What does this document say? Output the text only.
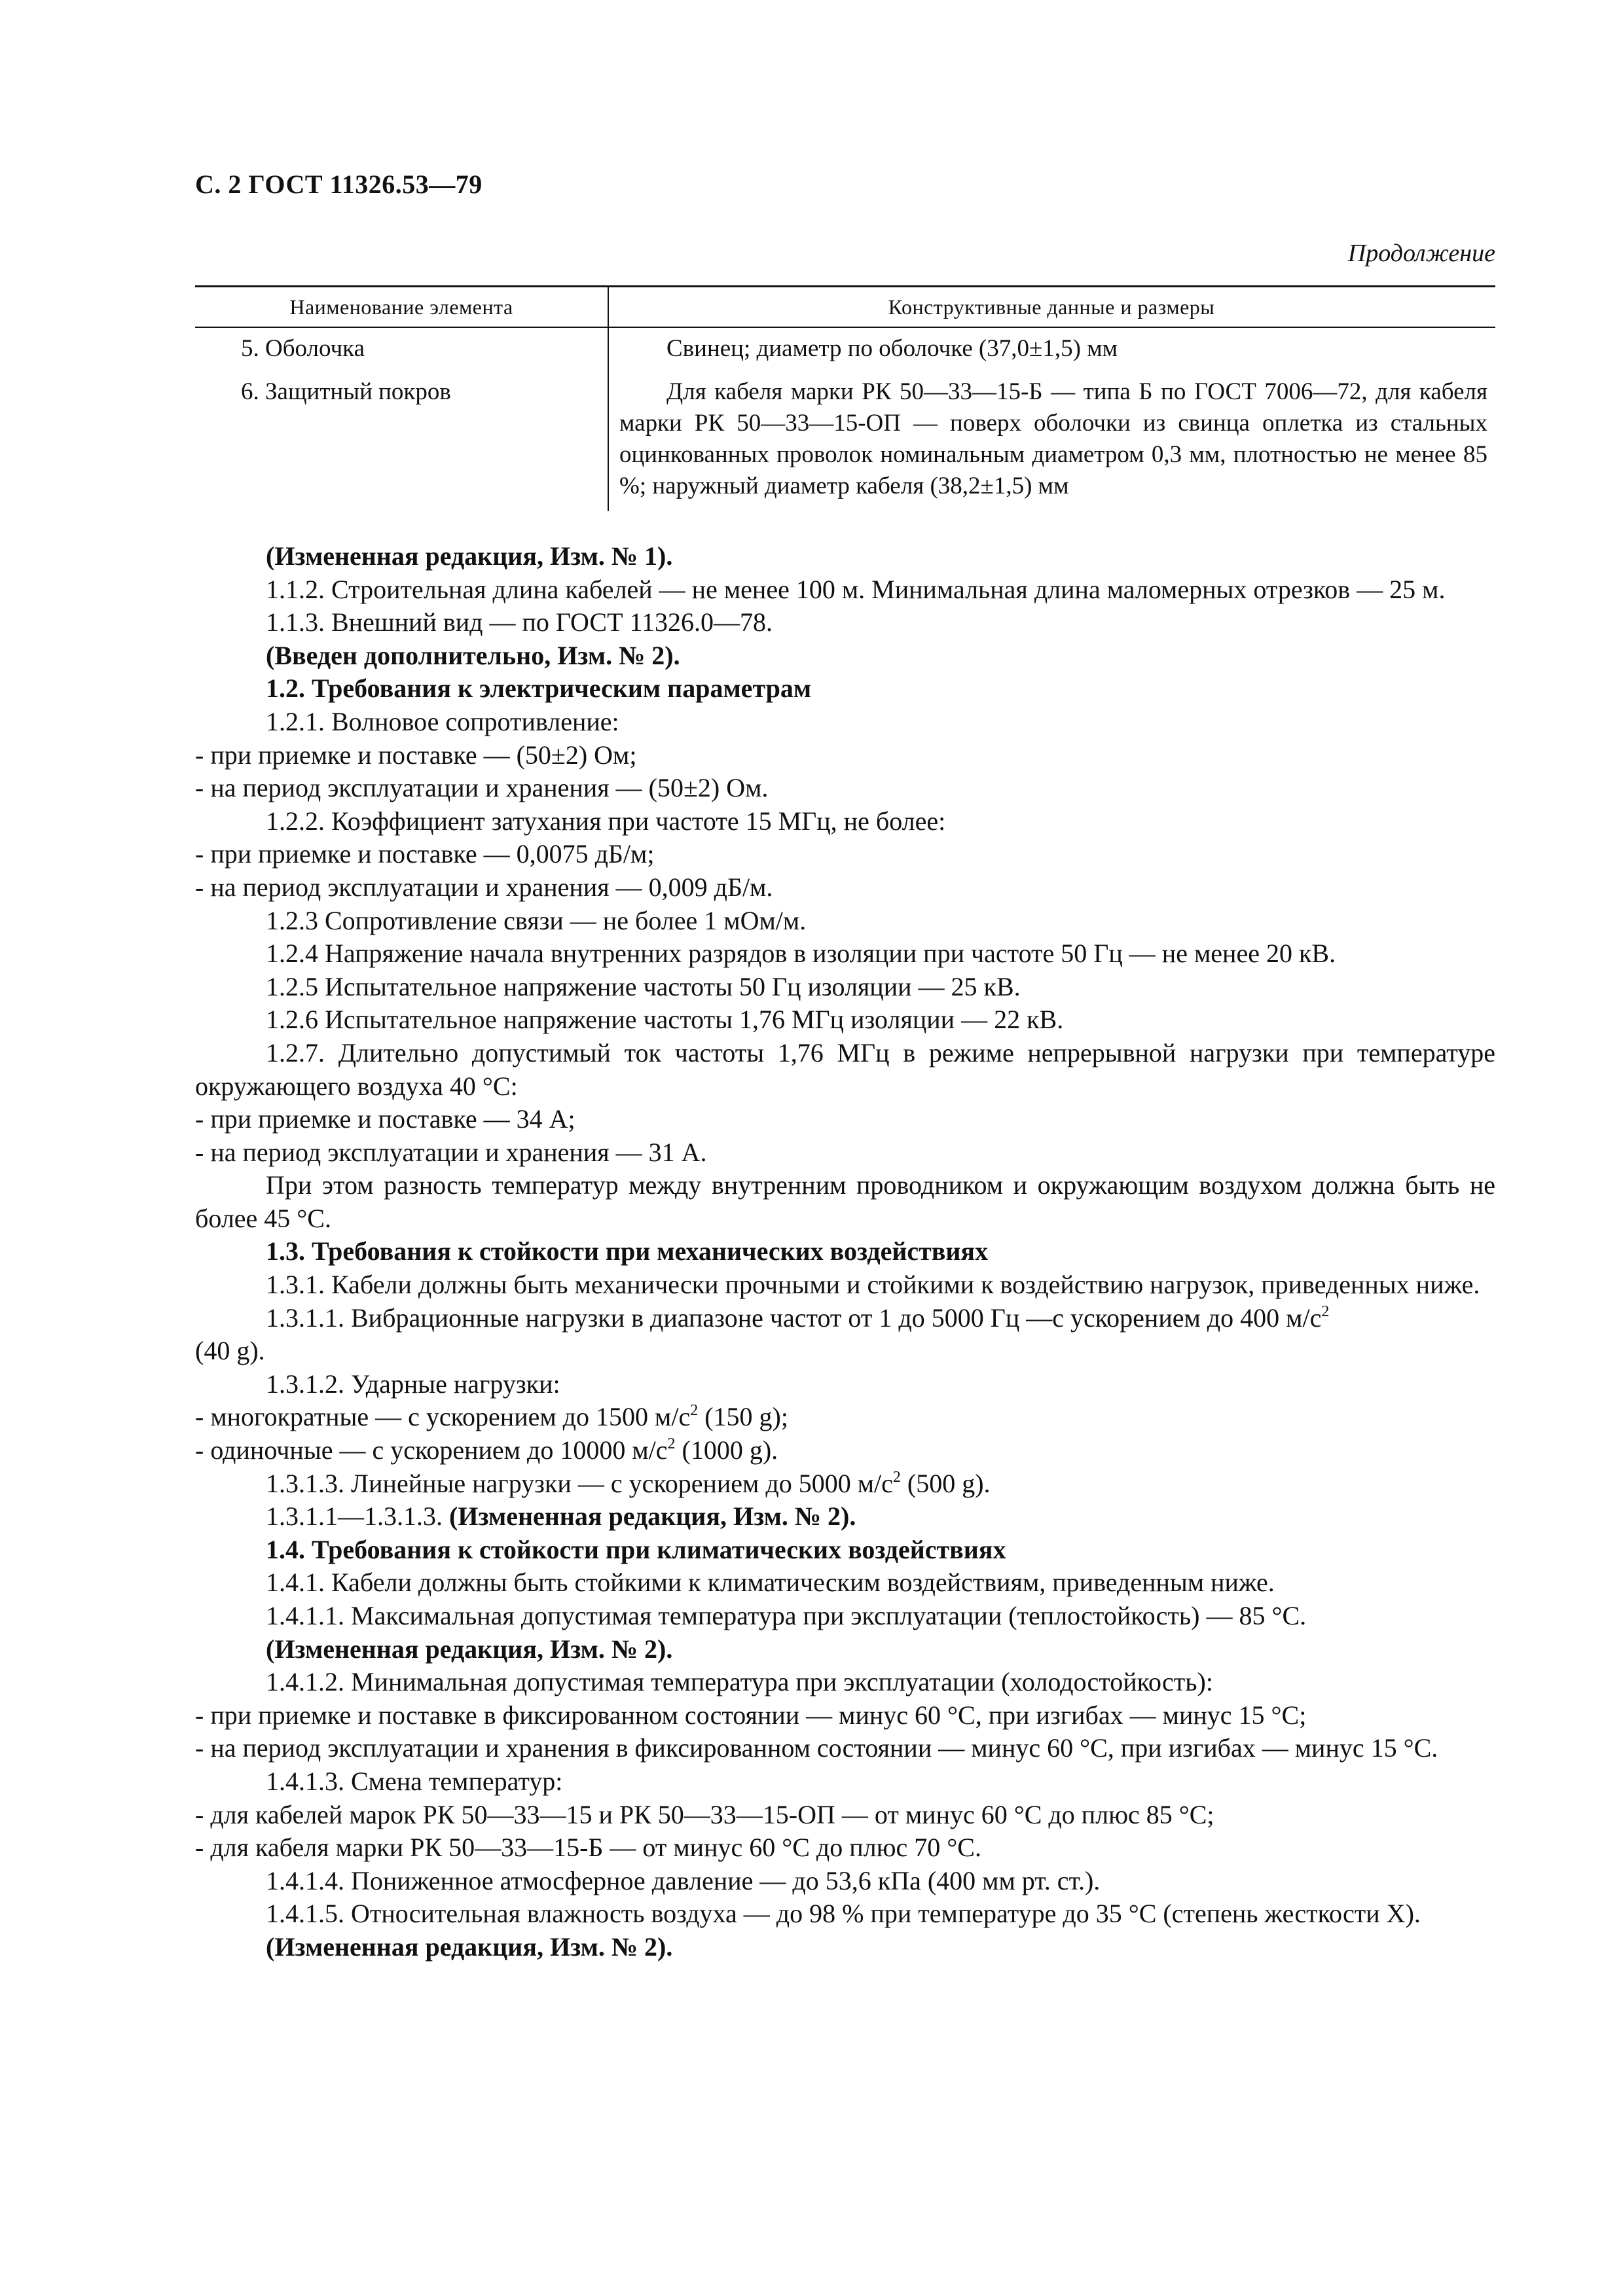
С. 2 ГОСТ 11326.53—79
Продолжение
Наименование элемента	Конструктивные данные и размеры
5. Оболочка	Свинец; диаметр по оболочке (37,0±1,5) мм
6. Защитный покров	Для кабеля марки РК 50—33—15-Б — типа Б по ГОСТ 7006—72, для кабеля марки РК 50—33—15-ОП — поверх оболочки из свинца оплетка из стальных оцинкованных проволок номинальным диаметром 0,3 мм, плотностью не менее 85 %; наружный диаметр кабеля (38,2±1,5) мм

(Измененная редакция, Изм. № 1).

1.1.2. Строительная длина кабелей — не менее 100 м. Минимальная длина маломерных отрезков — 25 м.

1.1.3. Внешний вид — по ГОСТ 11326.0—78.

(Введен дополнительно, Изм. № 2).

1.2. Требования к электрическим параметрам

1.2.1. Волновое сопротивление:

- при приемке и поставке — (50±2) Ом;

- на период эксплуатации и хранения — (50±2) Ом.

1.2.2. Коэффициент затухания при частоте 15 МГц, не более:

- при приемке и поставке — 0,0075 дБ/м;

- на период эксплуатации и хранения — 0,009 дБ/м.

1.2.3 Сопротивление связи — не более 1 мОм/м.

1.2.4 Напряжение начала внутренних разрядов в изоляции при частоте 50 Гц — не менее 20 кВ.

1.2.5 Испытательное напряжение частоты 50 Гц изоляции — 25 кВ.

1.2.6 Испытательное напряжение частоты 1,76 МГц изоляции — 22 кВ.

1.2.7. Длительно допустимый ток частоты 1,76 МГц в режиме непрерывной нагрузки при температуре окружающего воздуха 40 °С:

- при приемке и поставке — 34 А;

- на период эксплуатации и хранения — 31 А.

При этом разность температур между внутренним проводником и окружающим воздухом должна быть не более 45 °С.

1.3. Требования к стойкости при механических воздействиях

1.3.1. Кабели должны быть механически прочными и стойкими к воздействию нагрузок, приведенных ниже.

1.3.1.1. Вибрационные нагрузки в диапазоне частот от 1 до 5000 Гц —с ускорением до 400 $м/с^2$
(40 g).

1.3.1.2. Ударные нагрузки:

- многократные — с ускорением до 1500 $м/с^2$ (150 g);

- одиночные — с ускорением до 10000 $м/с^2$ (1000 g).

1.3.1.3. Линейные нагрузки — с ускорением до 5000 $м/с^2$ (500 g).

1.3.1.1—1.3.1.3. (Измененная редакция, Изм. № 2).

1.4. Требования к стойкости при климатических воздействиях

1.4.1. Кабели должны быть стойкими к климатическим воздействиям, приведенным ниже.

1.4.1.1. Максимальная допустимая температура при эксплуатации (теплостойкость) — 85 °С.

(Измененная редакция, Изм. № 2).

1.4.1.2. Минимальная допустимая температура при эксплуатации (холодостойкость):

- при приемке и поставке в фиксированном состоянии — минус 60 °С, при изгибах — минус 15 °С;

- на период эксплуатации и хранения в фиксированном состоянии — минус 60 °С, при изгибах — минус 15 °С.

1.4.1.3. Смена температур:

- для кабелей марок РК 50—33—15 и РК 50—33—15-ОП — от минус 60 °С до плюс 85 °С;

- для кабеля марки РК 50—33—15-Б — от минус 60 °С до плюс 70 °С.

1.4.1.4. Пониженное атмосферное давление — до 53,6 кПа (400 мм рт. ст.).

1.4.1.5. Относительная влажность воздуха — до 98 % при температуре до 35 °С (степень жесткости X).

(Измененная редакция, Изм. № 2).
